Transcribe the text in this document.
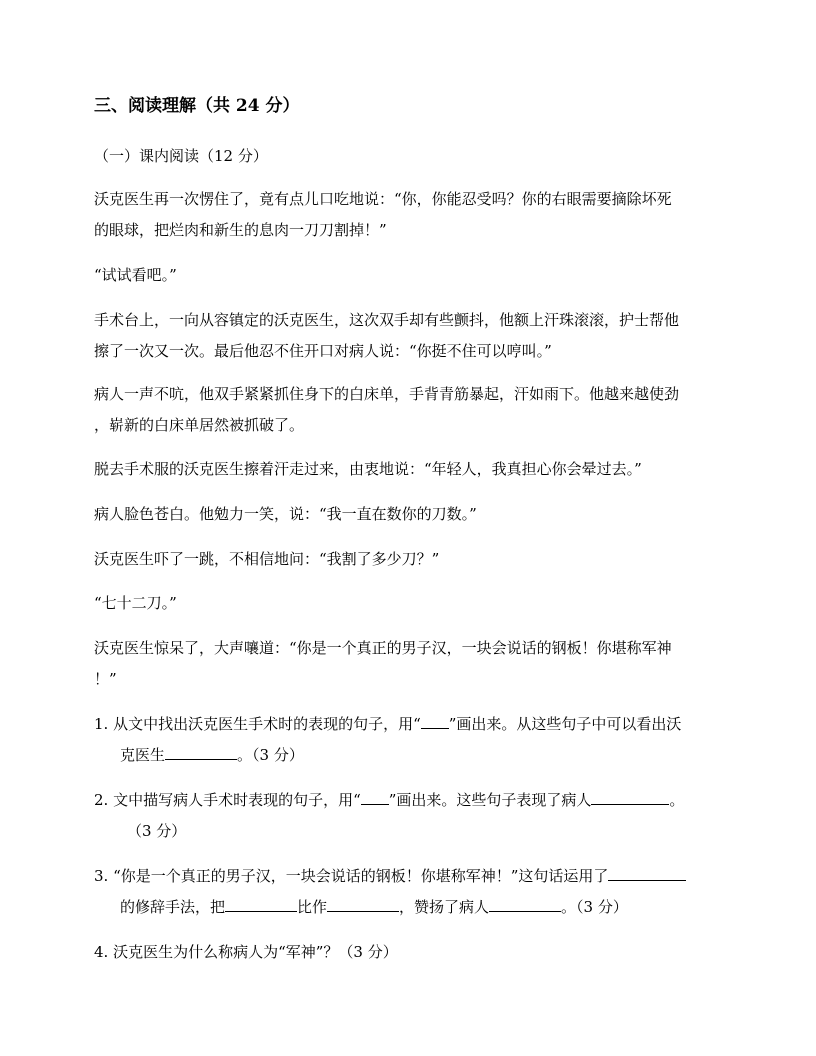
三、阅读理解（共 24 分）
（一）课内阅读（12 分）
沃克医生再一次愣住了，竟有点儿口吃地说：“你，你能忍受吗？你的右眼需要摘除坏死
的眼球，把烂肉和新生的息肉一刀刀割掉！”
“试试看吧。”
手术台上，一向从容镇定的沃克医生，这次双手却有些颤抖，他额上汗珠滚滚，护士帮他
擦了一次又一次。最后他忍不住开口对病人说：“你挺不住可以哼叫。”
病人一声不吭，他双手紧紧抓住身下的白床单，手背青筋暴起，汗如雨下。他越来越使劲
，崭新的白床单居然被抓破了。
脱去手术服的沃克医生擦着汗走过来，由衷地说：“年轻人，我真担心你会晕过去。”
病人脸色苍白。他勉力一笑，说：“我一直在数你的刀数。”
沃克医生吓了一跳，不相信地问：“我割了多少刀？”
“七十二刀。”
沃克医生惊呆了，大声嚷道：“你是一个真正的男子汉，一块会说话的钢板！你堪称军神
！”
1. 从文中找出沃克医生手术时的表现的句子，用“ ”画出来。从这些句子中可以看出沃
克医生	。（3 分）
2. 文中描写病人手术时表现的句子，用“ ”画出来。这些句子表现了病人	。
（3 分）
3. “你是一个真正的男子汉，一块会说话的钢板！你堪称军神！”这句话运用了
的修辞手法，把	比作	，赞扬了病人	。（3 分）
4. 沃克医生为什么称病人为“军神”？（3 分）
